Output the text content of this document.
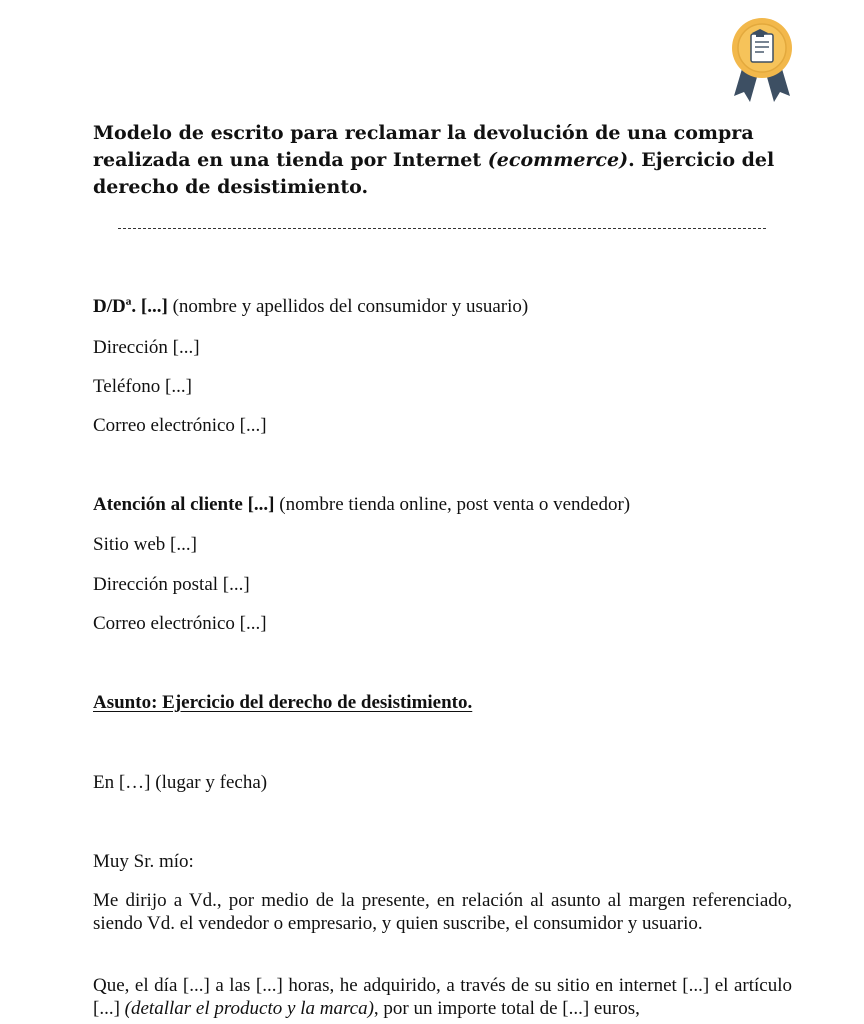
Modelo de escrito para reclamar la devolución de una compra realizada en una tienda por Internet (ecommerce). Ejercicio del derecho de desistimiento.

D/Dª. [...] (nombre y apellidos del consumidor y usuario)

Dirección [...]

Teléfono [...]

Correo electrónico [...]

Atención al cliente [...] (nombre tienda online, post venta o vendedor)

Sitio web [...]

Dirección postal [...]

Correo electrónico [...]

Asunto: Ejercicio del derecho de desistimiento.

En […] (lugar y fecha)

Muy Sr. mío:

Me dirijo a Vd., por medio de la presente, en relación al asunto al margen referenciado, siendo Vd. el vendedor o empresario, y quien suscribe, el consumidor y usuario.

Que, el día [...] a las [...] horas, he adquirido, a través de su sitio en internet [...] el artículo [...] (detallar el producto y la marca), por un importe total de [...] euros,
